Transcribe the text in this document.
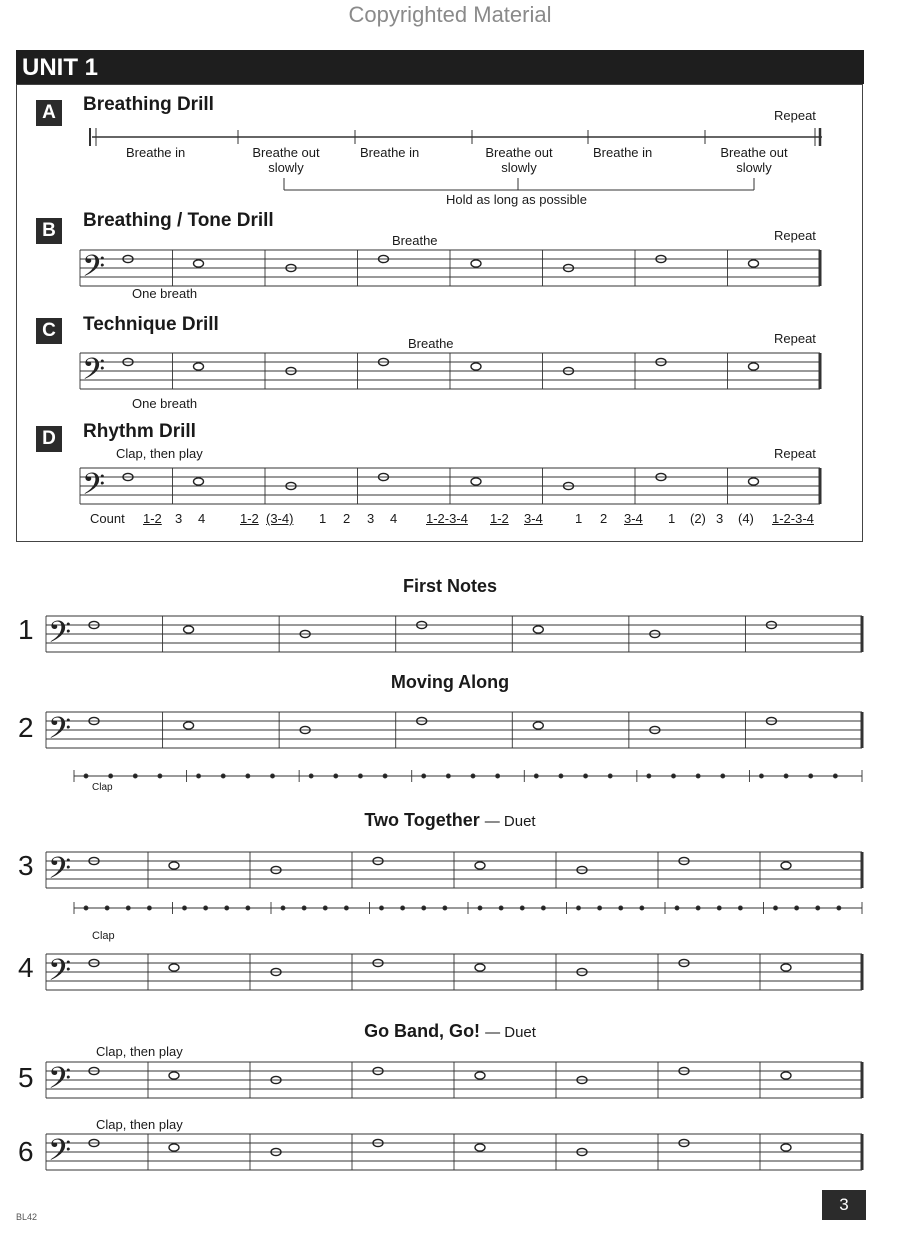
Copyrighted Material
UNIT 1
𝄢
𝄢
𝄢
𝄢
𝄢
𝄢
𝄢
𝄢
𝄢
A	Breathing Drill
Repeat
Breathe in	Breathe out slowly
Breathe in	Breathe out slowly
Breathe in	Breathe out slowly
Hold as long as possible
B	Breathing / Tone Drill
Breathe	Repeat
One breath
C	Technique Drill
Breathe	Repeat
One breath
D	Rhythm Drill
Clap, then play	Repeat
Count 1-2 3 4	1-2 (3-4) 1 2 3 4 1-2-3-4 1-2 3-4 1 2 3-4 1 (2) 3 (4) 1-2-3-4
First Notes
Moving Along
Two Together — Duet
Go Band, Go! — Duet
1
2
3
4
5
6
Clap
Clap
Clap, then play
Clap, then play
3
BL42
